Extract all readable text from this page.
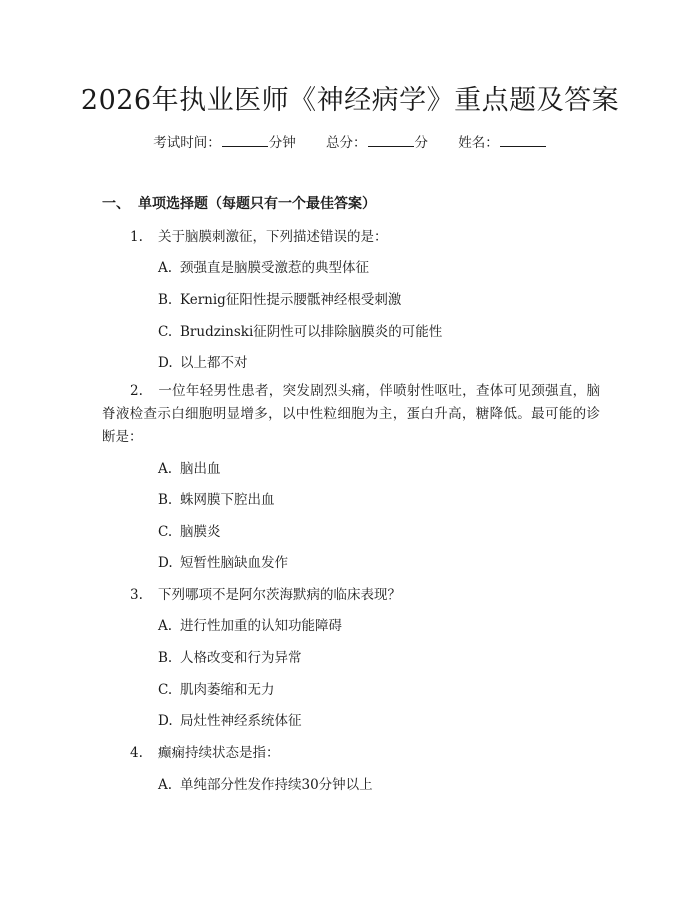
2026年执业医师《神经病学》重点题及答案
考试时间：	分钟 总分：	分 姓名：
一、 单项选择题（每题只有一个最佳答案）
1. 关于脑膜刺激征，下列描述错误的是：
A. 颈强直是脑膜受激惹的典型体征
B. Kernig征阳性提示腰骶神经根受刺激
C. Brudzinski征阴性可以排除脑膜炎的可能性
D. 以上都不对
2. 一位年轻男性患者，突发剧烈头痛，伴喷射性呕吐，查体可见颈强直，脑脊液检查示白细胞明显增多，以中性粒细胞为主，蛋白升高，糖降低。最可能的诊断是：
A. 脑出血
B. 蛛网膜下腔出血
C. 脑膜炎
D. 短暂性脑缺血发作
3. 下列哪项不是阿尔茨海默病的临床表现？
A. 进行性加重的认知功能障碍
B. 人格改变和行为异常
C. 肌肉萎缩和无力
D. 局灶性神经系统体征
4. 癫痫持续状态是指：
A. 单纯部分性发作持续30分钟以上
